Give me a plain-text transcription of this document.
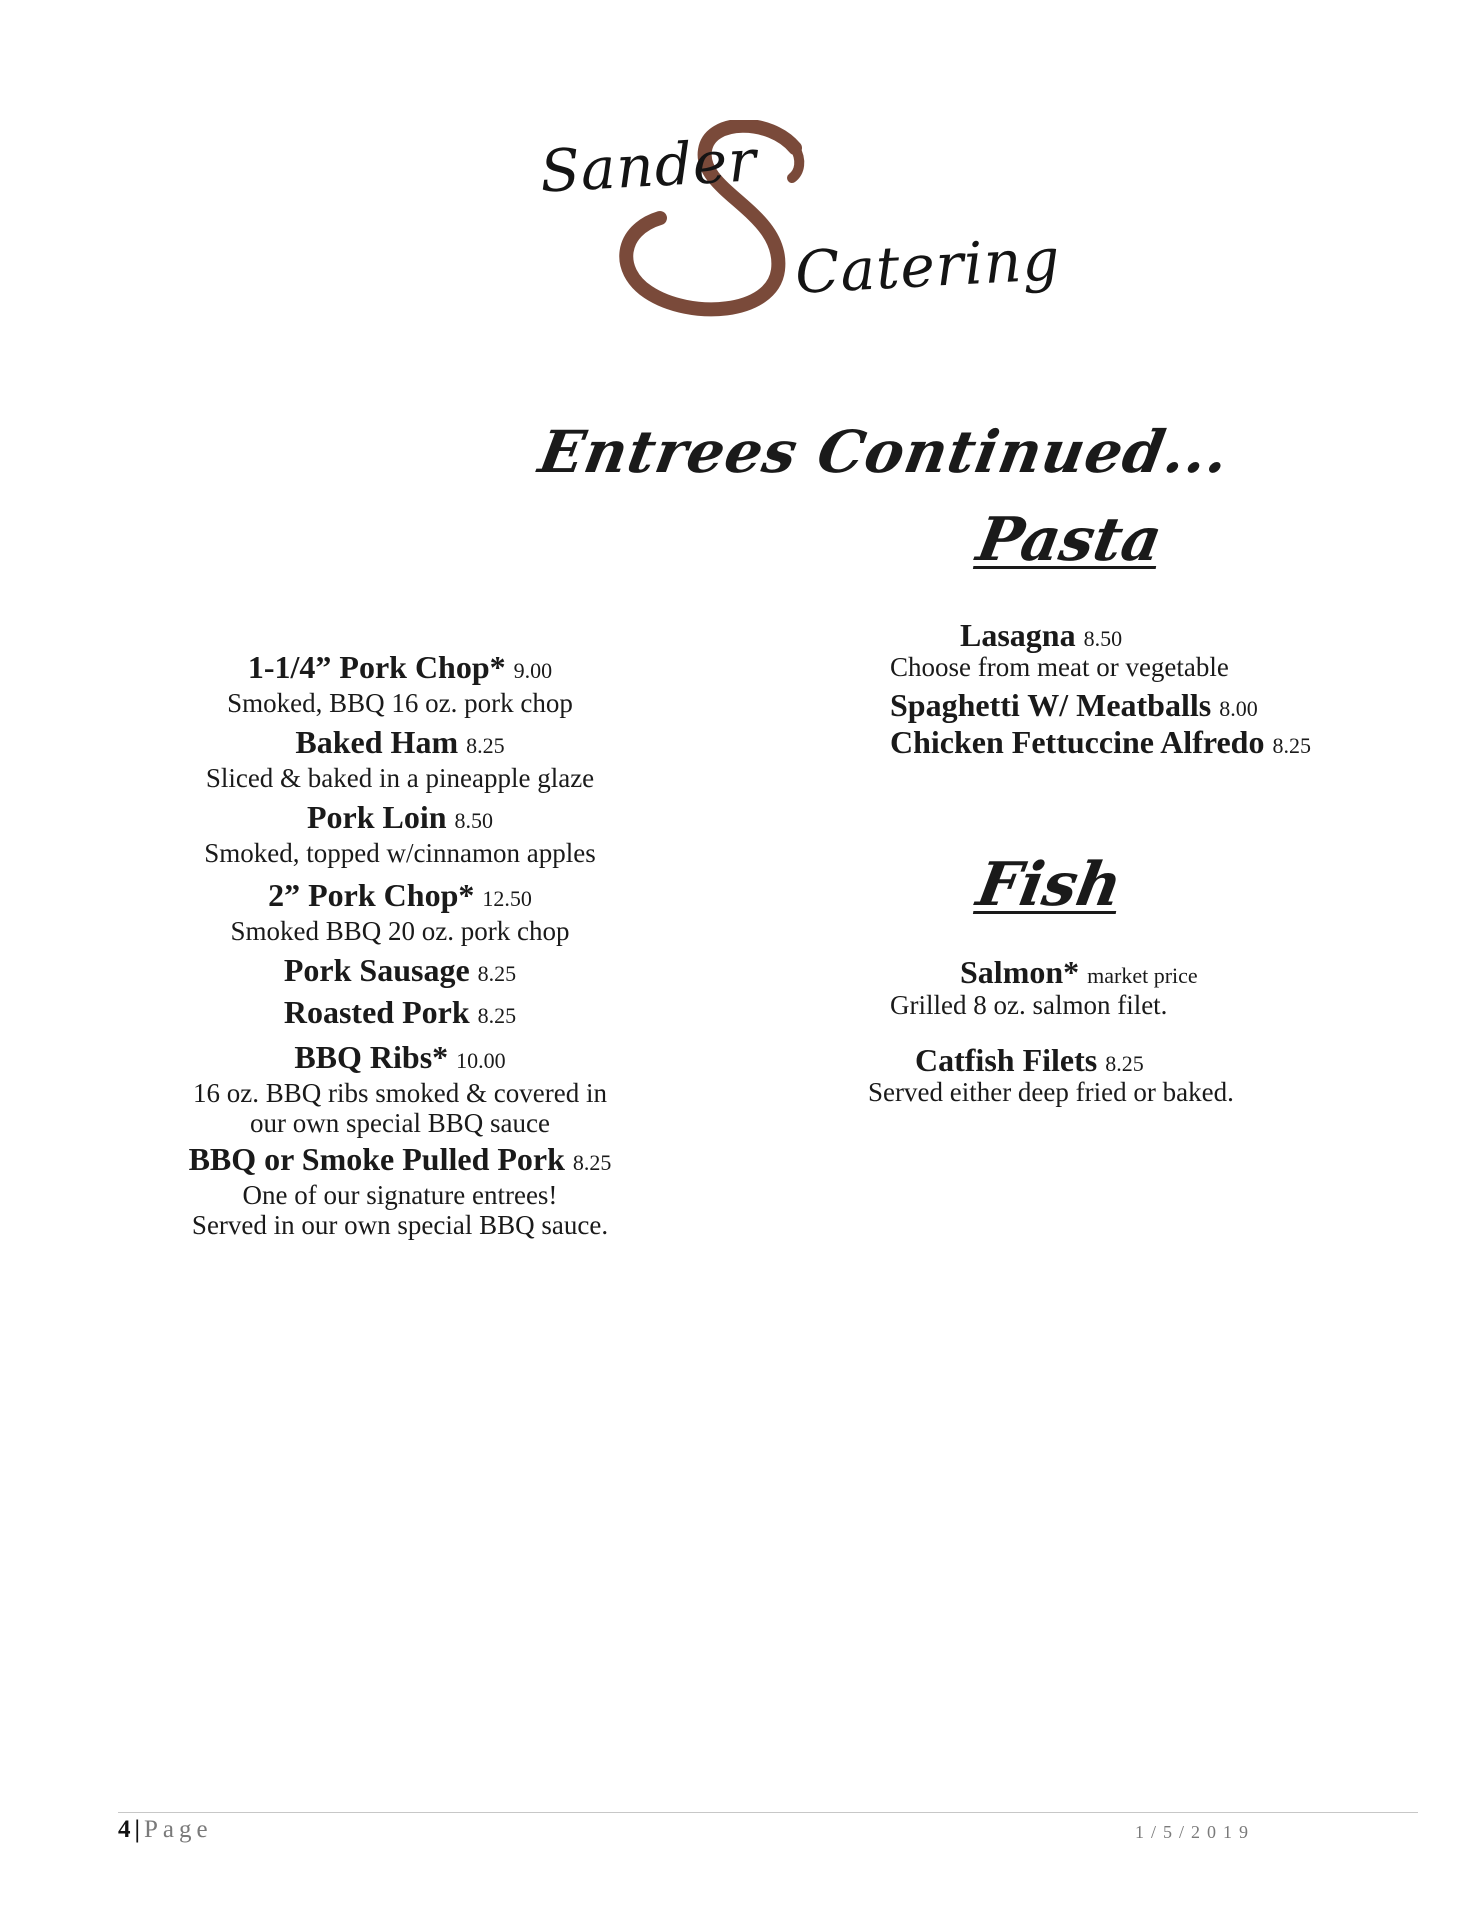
Sander
Catering
Entrees Continued...
1-1/4” Pork Chop* 9.00
Smoked, BBQ 16 oz. pork chop
Baked Ham 8.25
Sliced & baked in a pineapple glaze
Pork Loin 8.50
Smoked, topped w/cinnamon apples
2” Pork Chop* 12.50
Smoked BBQ 20 oz. pork chop
Pork Sausage 8.25
Roasted Pork 8.25
BBQ Ribs* 10.00
16 oz. BBQ ribs smoked & covered in
our own special BBQ sauce
BBQ or Smoke Pulled Pork 8.25
One of our signature entrees!
Served in our own special BBQ sauce.
Pasta
Lasagna 8.50
Choose from meat or vegetable
Spaghetti W/ Meatballs 8.00
Chicken Fettuccine Alfredo 8.25
Fish
Salmon* market price
Grilled 8 oz. salmon filet.
Catfish Filets 8.25
Served either deep fried or baked.
4 | Page	1/5/2019
